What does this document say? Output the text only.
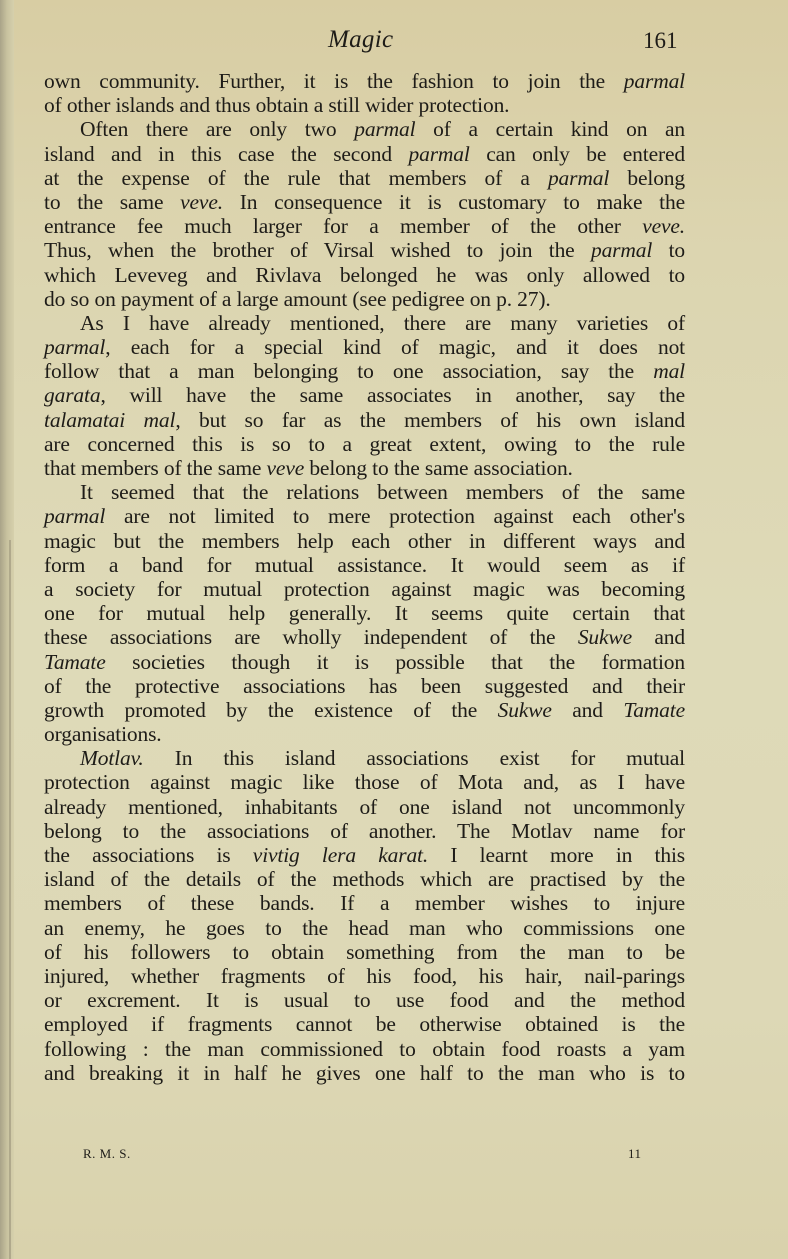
Magic	161
own community. Further, it is the fashion to join the parmal
of other islands and thus obtain a still wider protection.
Often there are only two parmal of a certain kind on an
island and in this case the second parmal can only be entered
at the expense of the rule that members of a parmal belong
to the same veve. In consequence it is customary to make the
entrance fee much larger for a member of the other veve.
Thus, when the brother of Virsal wished to join the parmal to
which Leveveg and Rivlava belonged he was only allowed to
do so on payment of a large amount (see pedigree on p. 27).
As I have already mentioned, there are many varieties of
parmal, each for a special kind of magic, and it does not
follow that a man belonging to one association, say the mal
garata, will have the same associates in another, say the
talamatai mal, but so far as the members of his own island
are concerned this is so to a great extent, owing to the rule
that members of the same veve belong to the same association.
It seemed that the relations between members of the same
parmal are not limited to mere protection against each other's
magic but the members help each other in different ways and
form a band for mutual assistance. It would seem as if
a society for mutual protection against magic was becoming
one for mutual help generally. It seems quite certain that
these associations are wholly independent of the Sukwe and
Tamate societies though it is possible that the formation
of the protective associations has been suggested and their
growth promoted by the existence of the Sukwe and Tamate
organisations.
Motlav. In this island associations exist for mutual
protection against magic like those of Mota and, as I have
already mentioned, inhabitants of one island not uncommonly
belong to the associations of another. The Motlav name for
the associations is vivtig lera karat. I learnt more in this
island of the details of the methods which are practised by the
members of these bands. If a member wishes to injure
an enemy, he goes to the head man who commissions one
of his followers to obtain something from the man to be
injured, whether fragments of his food, his hair, nail-parings
or excrement. It is usual to use food and the method
employed if fragments cannot be otherwise obtained is the
following : the man commissioned to obtain food roasts a yam
and breaking it in half he gives one half to the man who is to
R. M. S.	11
